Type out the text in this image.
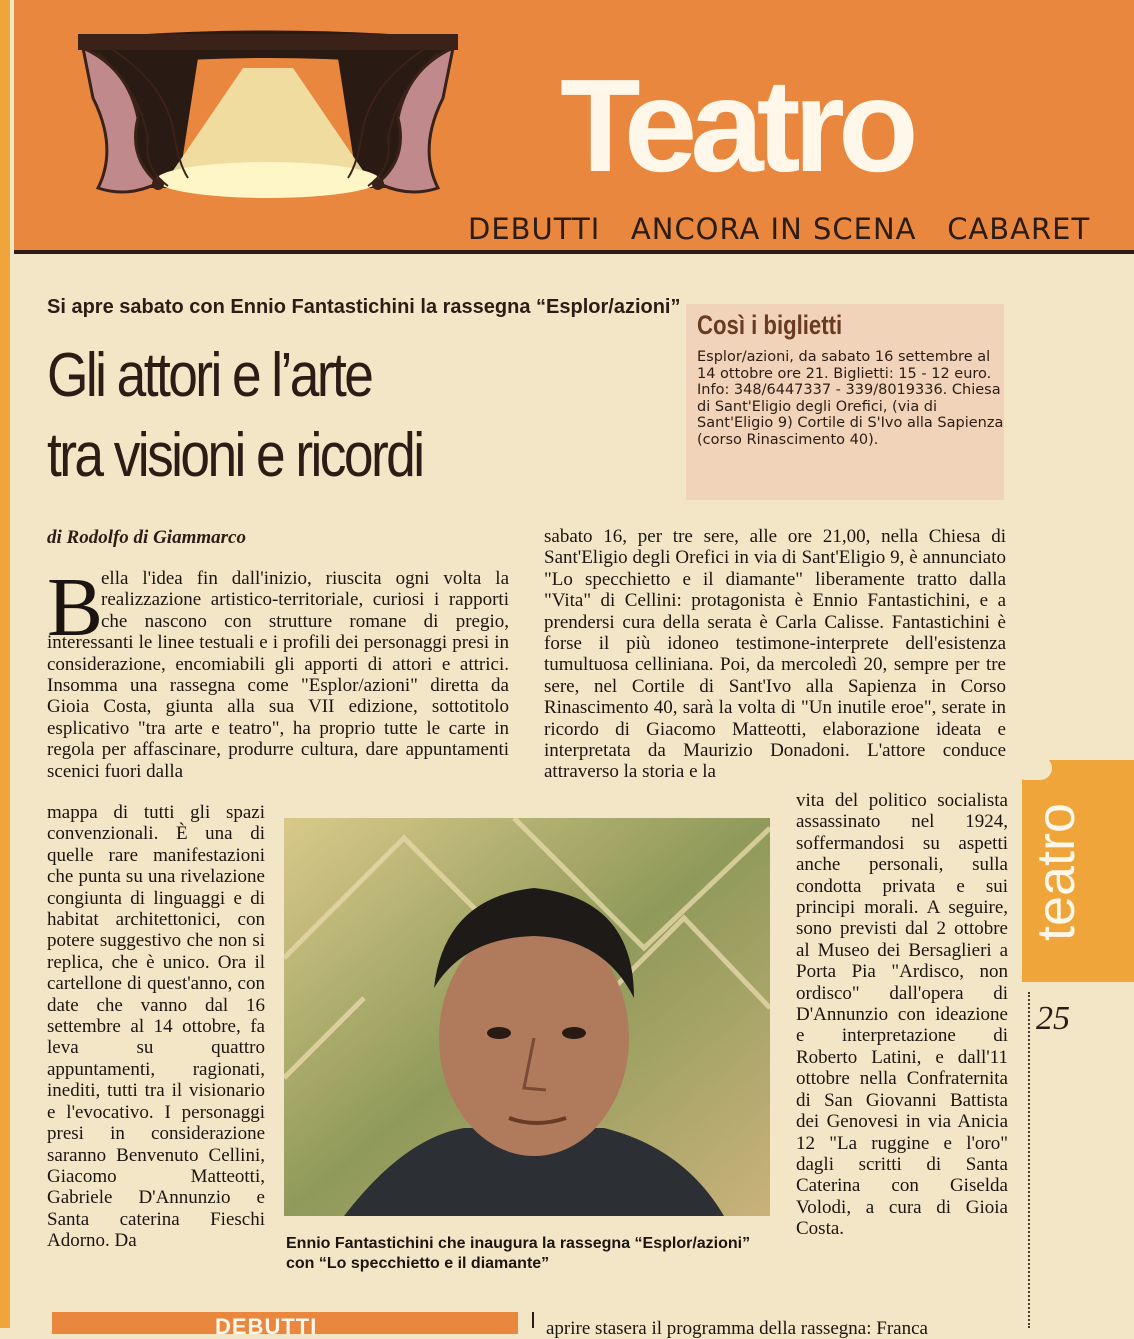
Teatro
DEBUTTI ANCORA IN SCENA CABARET
Si apre sabato con Ennio Fantastichini la rassegna “Esplor/azioni”
Gli attori e l’arte
tra visioni e ricordi
Così i biglietti
Esplor/azioni, da sabato 16 settembre al 14 ottobre ore 21. Biglietti: 15 - 12 euro. Info: 348/6447337 - 339/8019336. Chiesa di Sant'Eligio degli Orefici, (via di Sant'Eligio 9) Cortile di S'Ivo alla Sapienza (corso Rinascimento 40).
di Rodolfo di Giammarco
B
ella l'idea fin dall'inizio, riuscita ogni volta la realizzazione artistico-territoriale, curiosi i rapporti che nascono con strutture romane di pregio, interessanti le linee testuali e i profili dei personaggi presi in considerazione, encomiabili gli apporti di attori e attrici. Insomma una rassegna come "Esplor/azioni" diretta da Gioia Costa, giunta alla sua VII edizione, sottotitolo esplicativo "tra arte e teatro", ha proprio tutte le carte in regola per affascinare, produrre cultura, dare appuntamenti scenici fuori dalla
mappa di tutti gli spazi convenzionali. È una di quelle rare manifestazioni che punta su una rivelazione congiunta di linguaggi e di habitat architettonici, con potere suggestivo che non si replica, che è unico. Ora il cartellone di quest'anno, con date che vanno dal 16 settembre al 14 ottobre, fa leva su quattro appuntamenti, ragionati, inediti, tutti tra il visionario e l'evocativo. I personaggi presi in considerazione saranno Benvenuto Cellini, Giacomo Matteotti, Gabriele D'Annunzio e Santa caterina Fieschi Adorno. Da
sabato 16, per tre sere, alle ore 21,00, nella Chiesa di Sant'Eligio degli Orefici in via di Sant'Eligio 9, è annunciato "Lo specchietto e il diamante" liberamente tratto dalla "Vita" di Cellini: protagonista è Ennio Fantastichini, e a prendersi cura della serata è Carla Calisse. Fantastichini è forse il più idoneo testimone-interprete dell'esistenza tumultuosa celliniana. Poi, da mercoledì 20, sempre per tre sere, nel Cortile di Sant'Ivo alla Sapienza in Corso Rinascimento 40, sarà la volta di "Un inutile eroe", serate in ricordo di Giacomo Matteotti, elaborazione ideata e interpretata da Maurizio Donadoni. L'attore conduce attraverso la storia e la
vita del politico socialista assassinato nel 1924, soffermandosi su aspetti anche personali, sulla condotta privata e sui principi morali. A seguire, sono previsti dal 2 ottobre al Museo dei Bersaglieri a Porta Pia "Ardisco, non ordisco" dall'opera di D'Annunzio con ideazione e interpretazione di Roberto Latini, e dall'11 ottobre nella Confraternita di San Giovanni Battista dei Genovesi in via Anicia 12 "La ruggine e l'oro" dagli scritti di Santa Caterina con Giselda Volodi, a cura di Gioia Costa.
Ennio Fantastichini che inaugura la rassegna “Esplor/azioni” con “Lo specchietto e il diamante”
teatro
25
DEBUTTI	aprire stasera il programma della rassegna: Franca
